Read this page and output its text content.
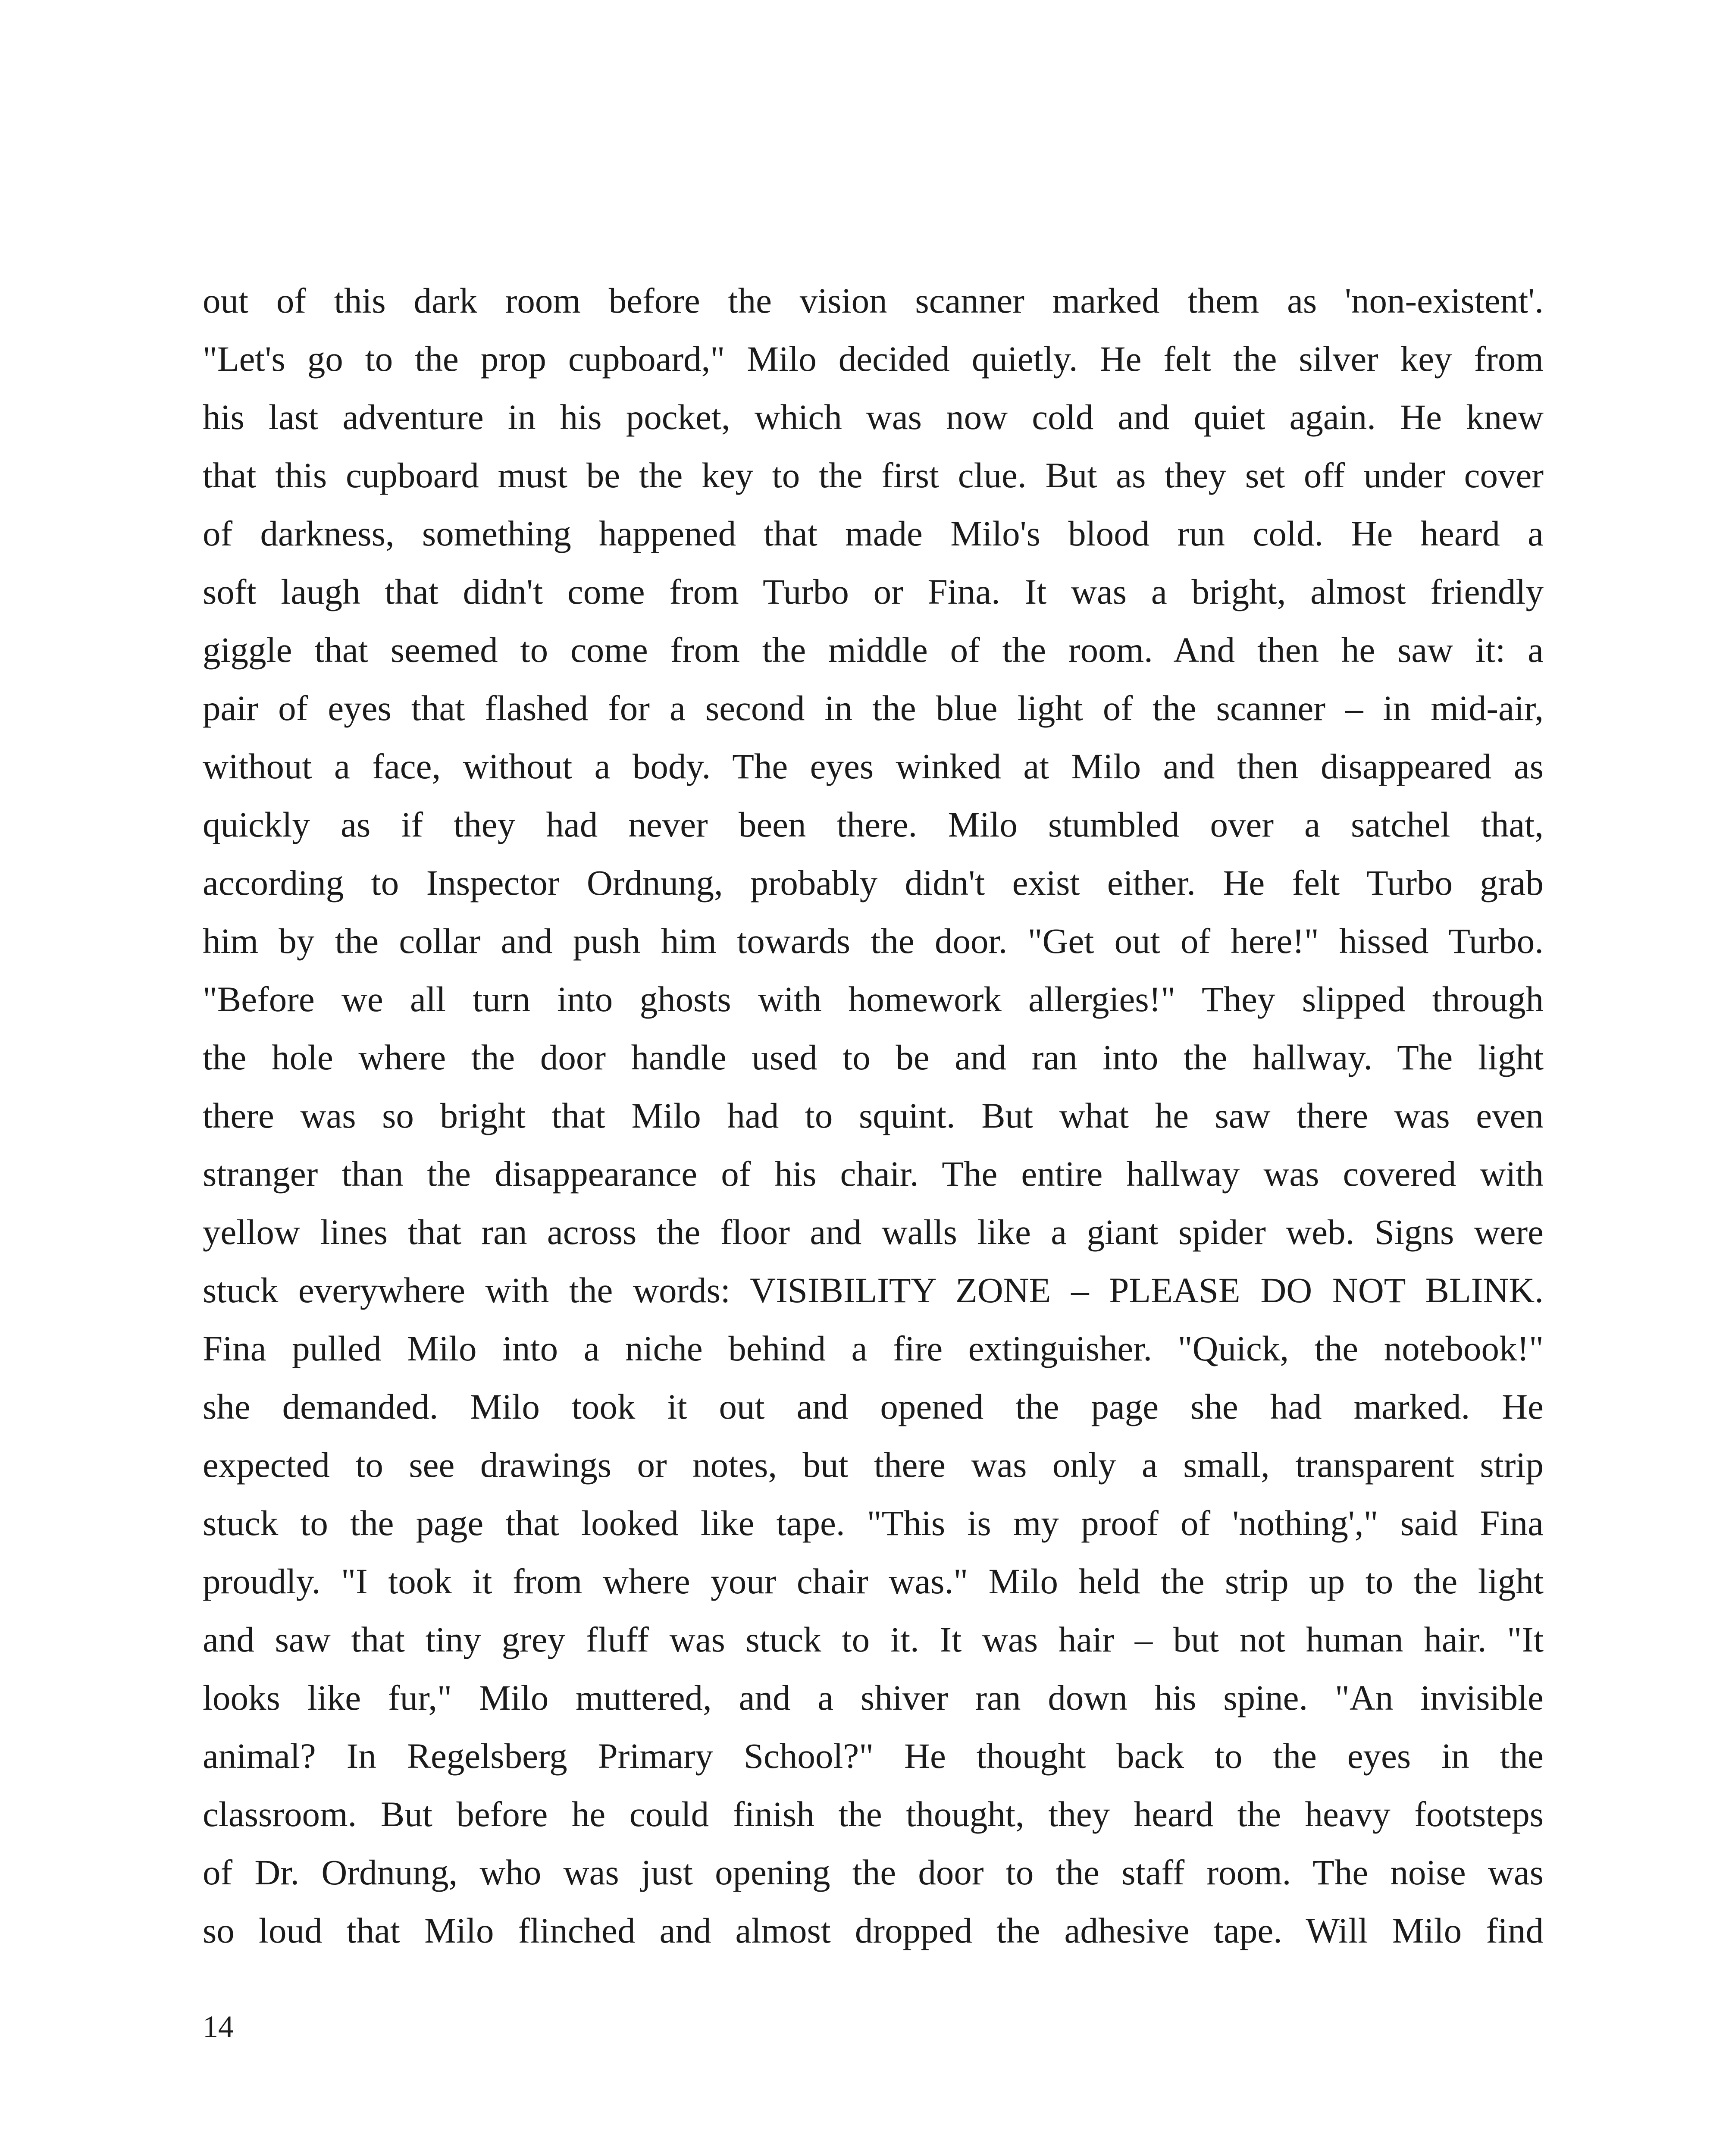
out of this dark room before the vision scanner marked them as 'non-existent'.
"Let's go to the prop cupboard," Milo decided quietly. He felt the silver key from
his last adventure in his pocket, which was now cold and quiet again. He knew
that this cupboard must be the key to the first clue. But as they set off under cover
of darkness, something happened that made Milo's blood run cold. He heard a
soft laugh that didn't come from Turbo or Fina. It was a bright, almost friendly
giggle that seemed to come from the middle of the room. And then he saw it: a
pair of eyes that flashed for a second in the blue light of the scanner – in mid-air,
without a face, without a body. The eyes winked at Milo and then disappeared as
quickly as if they had never been there. Milo stumbled over a satchel that,
according to Inspector Ordnung, probably didn't exist either. He felt Turbo grab
him by the collar and push him towards the door. "Get out of here!" hissed Turbo.
"Before we all turn into ghosts with homework allergies!" They slipped through
the hole where the door handle used to be and ran into the hallway. The light
there was so bright that Milo had to squint. But what he saw there was even
stranger than the disappearance of his chair. The entire hallway was covered with
yellow lines that ran across the floor and walls like a giant spider web. Signs were
stuck everywhere with the words: VISIBILITY ZONE – PLEASE DO NOT BLINK.
Fina pulled Milo into a niche behind a fire extinguisher. "Quick, the notebook!"
she demanded. Milo took it out and opened the page she had marked. He
expected to see drawings or notes, but there was only a small, transparent strip
stuck to the page that looked like tape. "This is my proof of 'nothing'," said Fina
proudly. "I took it from where your chair was." Milo held the strip up to the light
and saw that tiny grey fluff was stuck to it. It was hair – but not human hair. "It
looks like fur," Milo muttered, and a shiver ran down his spine. "An invisible
animal? In Regelsberg Primary School?" He thought back to the eyes in the
classroom. But before he could finish the thought, they heard the heavy footsteps
of Dr. Ordnung, who was just opening the door to the staff room. The noise was
so loud that Milo flinched and almost dropped the adhesive tape. Will Milo find

14
